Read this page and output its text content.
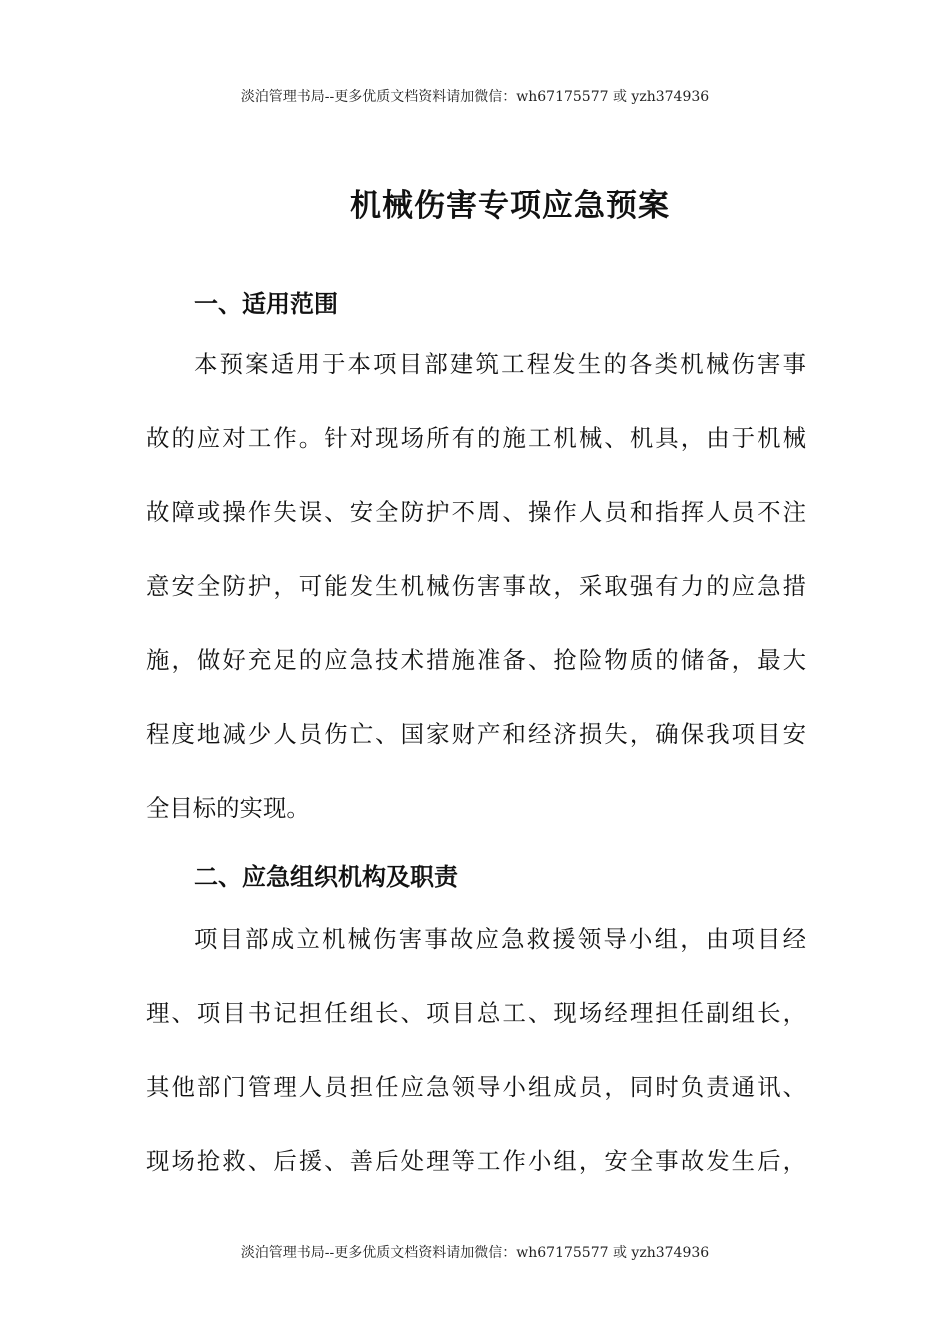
淡泊管理书局--更多优质文档资料请加微信：wh67175577 或 yzh374936
机械伤害专项应急预案
一、适用范围
本预案适用于本项目部建筑工程发生的各类机械伤害事
故的应对工作。针对现场所有的施工机械、机具，由于机械
故障或操作失误、安全防护不周、操作人员和指挥人员不注
意安全防护，可能发生机械伤害事故，采取强有力的应急措
施，做好充足的应急技术措施准备、抢险物质的储备，最大
程度地减少人员伤亡、国家财产和经济损失，确保我项目安
全目标的实现。
二、应急组织机构及职责
项目部成立机械伤害事故应急救援领导小组，由项目经
理、项目书记担任组长、项目总工、现场经理担任副组长，
其他部门管理人员担任应急领导小组成员，同时负责通讯、
现场抢救、后援、善后处理等工作小组，安全事故发生后，
淡泊管理书局--更多优质文档资料请加微信：wh67175577 或 yzh374936
